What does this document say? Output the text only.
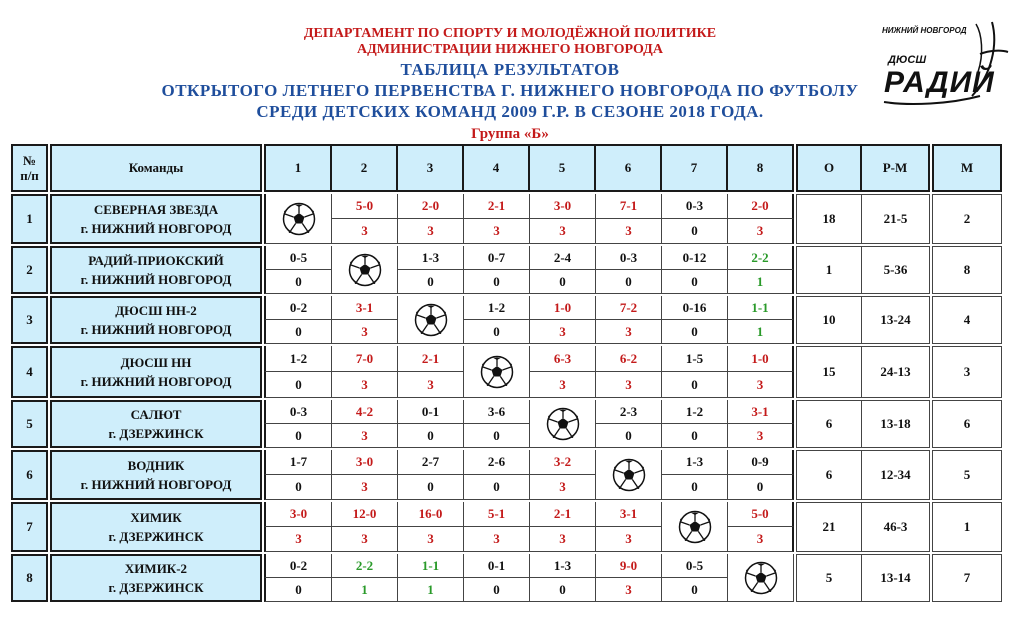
ДЕПАРТАМЕНТ ПО СПОРТУ И МОЛОДЁЖНОЙ ПОЛИТИКЕ
АДМИНИСТРАЦИИ НИЖНЕГО НОВГОРОДА
ТАБЛИЦА РЕЗУЛЬТАТОВ
ОТКРЫТОГО ЛЕТНЕГО ПЕРВЕНСТВА Г. НИЖНЕГО НОВГОРОДА ПО ФУТБОЛУ
СРЕДИ ДЕТСКИХ КОМАНД 2009 Г.Р. В СЕЗОНЕ 2018 ГОДА.
Группа «Б»
НИЖНИЙ НОВГОРОД
ДЮСШ
РАДИЙ
№
п/п		Команды		1	2	3	4	5	6	7	8		О	Р-М		М

1		СЕВЕРНАЯ ЗВЕЗДА
г. НИЖНИЙ НОВГОРОД			5-0	2-0	2-1	3-0	7-1	0-3	2-0		18	21-5		2
					3	3	3	3	3	0	3					

2		РАДИЙ-ПРИОКСКИЙ
г. НИЖНИЙ НОВГОРОД		0-5		1-3	0-7	2-4	0-3	0-12	2-2		1	5-36		8
				0		0	0	0	0	0	1					

3		ДЮСШ НН-2
г. НИЖНИЙ НОВГОРОД		0-2	3-1		1-2	1-0	7-2	0-16	1-1		10	13-24		4
				0	3		0	3	3	0	1					

4		ДЮСШ НН
г. НИЖНИЙ НОВГОРОД		1-2	7-0	2-1		6-3	6-2	1-5	1-0		15	24-13		3
				0	3	3		3	3	0	3					

5		САЛЮТ
г. ДЗЕРЖИНСК		0-3	4-2	0-1	3-6		2-3	1-2	3-1		6	13-18		6
				0	3	0	0		0	0	3					

6		ВОДНИК
г. НИЖНИЙ НОВГОРОД		1-7	3-0	2-7	2-6	3-2		1-3	0-9		6	12-34		5
				0	3	0	0	3		0	0					

7		ХИМИК
г. ДЗЕРЖИНСК		3-0	12-0	16-0	5-1	2-1	3-1		5-0		21	46-3		1
				3	3	3	3	3	3		3					

8		ХИМИК-2
г. ДЗЕРЖИНСК		0-2	2-2	1-1	0-1	1-3	9-0	0-5			5	13-14		7
				0	1	1	0	0	3	0						
